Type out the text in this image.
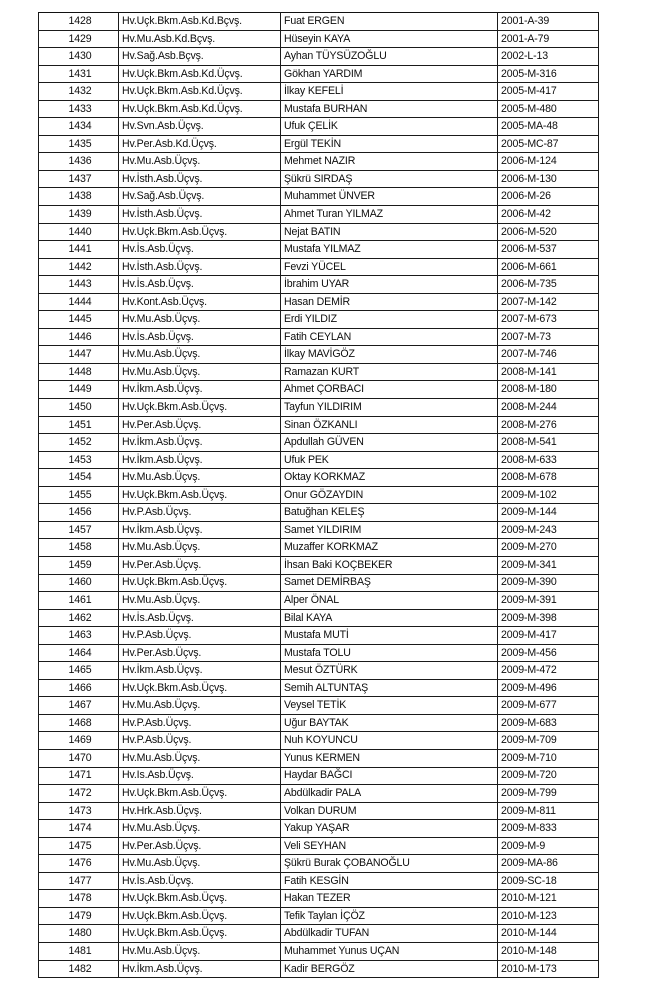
1428	Hv.Uçk.Bkm.Asb.Kd.Bçvş.	Fuat ERGEN	2001-A-39
1429	Hv.Mu.Asb.Kd.Bçvş.	Hüseyin KAYA	2001-A-79
1430	Hv.Sağ.Asb.Bçvş.	Ayhan TÜYSÜZOĞLU	2002-L-13
1431	Hv.Uçk.Bkm.Asb.Kd.Üçvş.	Gökhan YARDIM	2005-M-316
1432	Hv.Uçk.Bkm.Asb.Kd.Üçvş.	İlkay KEFELİ	2005-M-417
1433	Hv.Uçk.Bkm.Asb.Kd.Üçvş.	Mustafa BURHAN	2005-M-480
1434	Hv.Svn.Asb.Üçvş.	Ufuk ÇELİK	2005-MA-48
1435	Hv.Per.Asb.Kd.Üçvş.	Ergül TEKİN	2005-MC-87
1436	Hv.Mu.Asb.Üçvş.	Mehmet NAZIR	2006-M-124
1437	Hv.İsth.Asb.Üçvş.	Şükrü SIRDAŞ	2006-M-130
1438	Hv.Sağ.Asb.Üçvş.	Muhammet ÜNVER	2006-M-26
1439	Hv.İsth.Asb.Üçvş.	Ahmet Turan YILMAZ	2006-M-42
1440	Hv.Uçk.Bkm.Asb.Üçvş.	Nejat BATIN	2006-M-520
1441	Hv.İs.Asb.Üçvş.	Mustafa YILMAZ	2006-M-537
1442	Hv.İsth.Asb.Üçvş.	Fevzi YÜCEL	2006-M-661
1443	Hv.İs.Asb.Üçvş.	İbrahim UYAR	2006-M-735
1444	Hv.Kont.Asb.Üçvş.	Hasan DEMİR	2007-M-142
1445	Hv.Mu.Asb.Üçvş.	Erdi YILDIZ	2007-M-673
1446	Hv.İs.Asb.Üçvş.	Fatih CEYLAN	2007-M-73
1447	Hv.Mu.Asb.Üçvş.	İlkay MAVİGÖZ	2007-M-746
1448	Hv.Mu.Asb.Üçvş.	Ramazan KURT	2008-M-141
1449	Hv.İkm.Asb.Üçvş.	Ahmet ÇORBACI	2008-M-180
1450	Hv.Uçk.Bkm.Asb.Üçvş.	Tayfun YILDIRIM	2008-M-244
1451	Hv.Per.Asb.Üçvş.	Sinan ÖZKANLI	2008-M-276
1452	Hv.İkm.Asb.Üçvş.	Apdullah GÜVEN	2008-M-541
1453	Hv.İkm.Asb.Üçvş.	Ufuk PEK	2008-M-633
1454	Hv.Mu.Asb.Üçvş.	Oktay KORKMAZ	2008-M-678
1455	Hv.Uçk.Bkm.Asb.Üçvş.	Onur GÖZAYDIN	2009-M-102
1456	Hv.P.Asb.Üçvş.	Batuğhan KELEŞ	2009-M-144
1457	Hv.İkm.Asb.Üçvş.	Samet YILDIRIM	2009-M-243
1458	Hv.Mu.Asb.Üçvş.	Muzaffer KORKMAZ	2009-M-270
1459	Hv.Per.Asb.Üçvş.	İhsan Baki KOÇBEKER	2009-M-341
1460	Hv.Uçk.Bkm.Asb.Üçvş.	Samet DEMİRBAŞ	2009-M-390
1461	Hv.Mu.Asb.Üçvş.	Alper ÖNAL	2009-M-391
1462	Hv.İs.Asb.Üçvş.	Bilal KAYA	2009-M-398
1463	Hv.P.Asb.Üçvş.	Mustafa MUTİ	2009-M-417
1464	Hv.Per.Asb.Üçvş.	Mustafa TOLU	2009-M-456
1465	Hv.İkm.Asb.Üçvş.	Mesut ÖZTÜRK	2009-M-472
1466	Hv.Uçk.Bkm.Asb.Üçvş.	Semih ALTUNTAŞ	2009-M-496
1467	Hv.Mu.Asb.Üçvş.	Veysel TETİK	2009-M-677
1468	Hv.P.Asb.Üçvş.	Uğur BAYTAK	2009-M-683
1469	Hv.P.Asb.Üçvş.	Nuh KOYUNCU	2009-M-709
1470	Hv.Mu.Asb.Üçvş.	Yunus KERMEN	2009-M-710
1471	Hv.Is.Asb.Üçvş.	Haydar BAĞCI	2009-M-720
1472	Hv.Uçk.Bkm.Asb.Üçvş.	Abdülkadir PALA	2009-M-799
1473	Hv.Hrk.Asb.Üçvş.	Volkan DURUM	2009-M-811
1474	Hv.Mu.Asb.Üçvş.	Yakup YAŞAR	2009-M-833
1475	Hv.Per.Asb.Üçvş.	Veli SEYHAN	2009-M-9
1476	Hv.Mu.Asb.Üçvş.	Şükrü Burak ÇOBANOĞLU	2009-MA-86
1477	Hv.İs.Asb.Üçvş.	Fatih KESGİN	2009-SC-18
1478	Hv.Uçk.Bkm.Asb.Üçvş.	Hakan TEZER	2010-M-121
1479	Hv.Uçk.Bkm.Asb.Üçvş.	Tefik Taylan İÇÖZ	2010-M-123
1480	Hv.Uçk.Bkm.Asb.Üçvş.	Abdülkadir TUFAN	2010-M-144
1481	Hv.Mu.Asb.Üçvş.	Muhammet Yunus UÇAN	2010-M-148
1482	Hv.İkm.Asb.Üçvş.	Kadir BERGÖZ	2010-M-173
